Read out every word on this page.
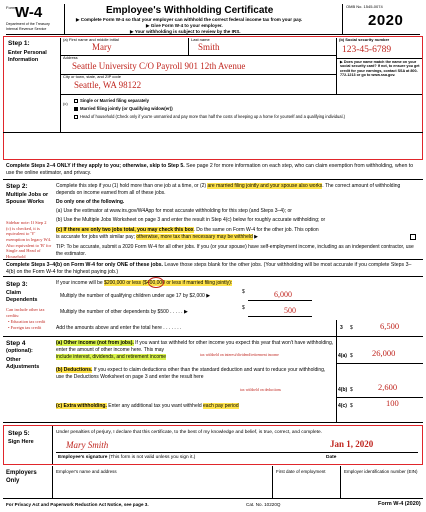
Form W-4
Department of the Treasury
Internal Revenue Service
Employee's Withholding Certificate
▶ Complete Form W-4 so that your employer can withhold the correct federal income tax from your pay.
▶ Give Form W-4 to your employer.
▶ Your withholding is subject to review by the IRS.
OMB No. 1545-0074
2020
Step 1:
Enter Personal Information
(a) First name and middle initial
Mary
Last name
Smith
(b) Social security number
123-45-6789
▶ Does your name match the name on your social security card? If not, to ensure you get credit for your earnings, contact SSA at 800-772-1213 or go to www.ssa.gov.
Address
Seattle University C/O Payroll 901 12th Avenue
City or town, state, and ZIP code
Seattle, WA 98122
(c)
Single or Married filing separately
Married filing jointly (or Qualifying widow(er))
Head of household (Check only if you're unmarried and pay more than half the costs of keeping up a home for yourself and a qualifying individual.)
Complete Steps 2–4 ONLY if they apply to you; otherwise, skip to Step 5. See page 2 for more information on each step, who can claim exemption from withholding, when to use the online estimator, and privacy.
Step 2:
Multiple Jobs or Spouse Works
Sidebar note: If Step 2 (c) is checked, it is equivalent to 'Y' exemption in legacy W4. Also equivalent to 'B' for Single and Head of Household
Complete this step if you (1) hold more than one job at a time, or (2) are married filing jointly and your spouse also works. The correct amount of withholding depends on income earned from all of these jobs.
Do only one of the following.
(a) Use the estimator at www.irs.gov/W4App for most accurate withholding for this step (and Steps 3–4); or
(b) Use the Multiple Jobs Worksheet on page 3 and enter the result in Step 4(c) below for roughly accurate withholding; or
(c) If there are only two jobs total, you may check this box. Do the same on Form W-4 for the other job. This option
is accurate for jobs with similar pay; otherwise, more tax than necessary may be withheld ▶
TIP: To be accurate, submit a 2020 Form W-4 for all other jobs. If you (or your spouse) have self-employment income, including as an independent contractor, use the estimator.
Complete Steps 3–4(b) on Form W-4 for only ONE of these jobs. Leave those steps blank for the other jobs. (Your withholding will be most accurate if you complete Steps 3–4(b) on the Form W-4 for the highest paying job.)
Step 3:
Claim Dependents
Can include other tax credits:
• Education tax credit
• Foreign tax credit
If your income will be $200,000 or less ($400,000 or less if married filing jointly):
Multiply the number of qualifying children under age 17 by $2,000 ▶
$	6,000
Multiply the number of other dependents by $500 . . . . . ▶
$	500
Add the amounts above and enter the total here . . . . . . .	3 $	6,500
Step 4
(optional):
Other Adjustments
(a) Other income (not from jobs). If you want tax withheld for other income you expect this year that won't have withholding, enter the amount of other income here. This may
include interest, dividends, and retirement income	tax withheld on interest/dividend/retirement income	4(a) $ 26,000
(b) Deductions. If you expect to claim deductions other than the standard deduction and want to reduce your withholding, use the Deductions Worksheet on page 3 and enter the result here
tax withheld on deductions	4(b) $	2,600
(c) Extra withholding. Enter any additional tax you want withheld each pay period	4(c) $	100
Step 5:
Sign Here
Under penalties of perjury, I declare that this certificate, to the best of my knowledge and belief, is true, correct, and complete.
Mary Smith	Jan 1, 2020
Employee's signature (This form is not valid unless you sign it.)	Date
Employers Only
Employer's name and address	First date of employment	Employer identification number (EIN)
For Privacy Act and Paperwork Reduction Act Notice, see page 3.	Cat. No. 10220Q	Form W-4 (2020)
